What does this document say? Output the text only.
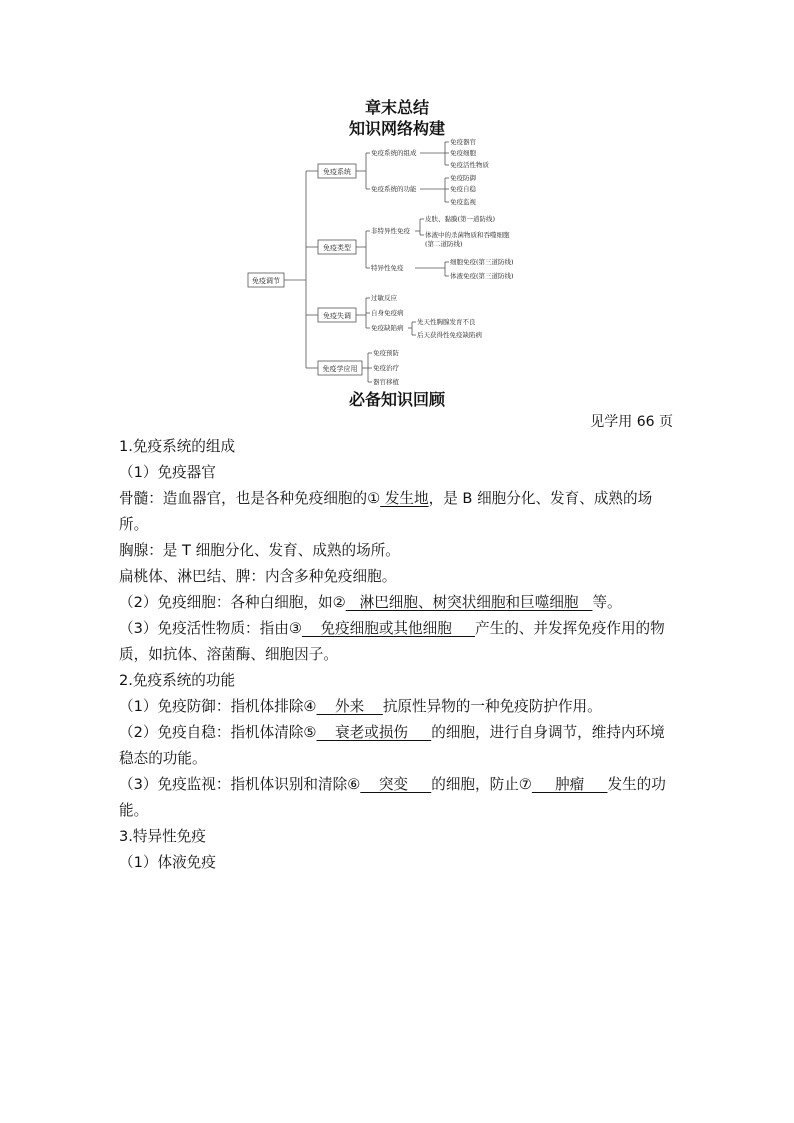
章末总结
知识网络构建
免疫调节
免疫系统
免疫类型
免疫失调
免疫学应用
免疫系统的组成
免疫系统的功能
免疫器官
免疫细胞
免疫活性物质
免疫防御
免疫自稳
免疫监视
非特异性免疫
特异性免疫
皮肤、黏膜(第一道防线)
体液中的杀菌物质和吞噬细胞
(第二道防线)
细胞免疫(第三道防线)
体液免疫(第三道防线)
过敏反应
自身免疫病
免疫缺陷病
先天性胸腺发育不良
后天获得性免疫缺陷病
免疫预防
免疫治疗
器官移植
必备知识回顾
见学用 66 页

1.免疫系统的组成

（1）免疫器官

骨髓：造血器官，也是各种免疫细胞的① 发生地，是 B 细胞分化、发育、成熟的场所。

胸腺：是 T 细胞分化、发育、成熟的场所。

扁桃体、淋巴结、脾：内含多种免疫细胞。

（2）免疫细胞：各种白细胞，如②   淋巴细胞、树突状细胞和巨噬细胞   等。

（3）免疫活性物质：指由③    免疫细胞或其他细胞     产生的、并发挥免疫作用的物质，如抗体、溶菌酶、细胞因子。

2.免疫系统的功能

（1）免疫防御：指机体排除④    外来    抗原性异物的一种免疫防护作用。

（2）免疫自稳：指机体清除⑤    衰老或损伤     的细胞，进行自身调节，维持内环境稳态的功能。

（3）免疫监视：指机体识别和清除⑥    突变     的细胞，防止⑦     肿瘤     发生的功能。

3.特异性免疫

（1）体液免疫
